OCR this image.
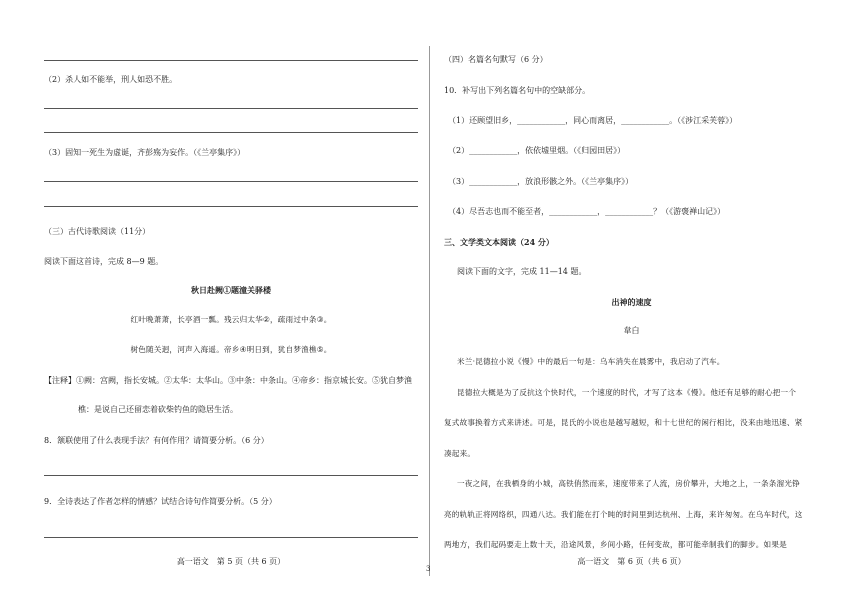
（2）杀人如不能举，刑人如恐不胜。
（3）固知一死生为虚诞，齐彭殇为妄作。（《兰亭集序》）
（三）古代诗歌阅读（11分）
阅读下面这首诗，完成 8—9 题。
秋日赴阙①题潼关驿楼
红叶晚萧萧，长亭酒一瓢。残云归太华②，疏雨过中条③。
树色随关迥，河声入海遥。帝乡④明日到，犹自梦渔樵⑤。
【注释】①阙：宫阙，指长安城。②太华：太华山。③中条：中条山。④帝乡：指京城长安。⑤犹自梦渔
樵：是说自己还留恋着砍柴钓鱼的隐居生活。
8．颔联使用了什么表现手法？有何作用？请简要分析。（6 分）
9．全诗表达了作者怎样的情感？试结合诗句作简要分析。（5 分）
高一语文　第 5 页（共 6 页）
（四）名篇名句默写（6 分）
10．补写出下列名篇名句中的空缺部分。
（1）还顾望旧乡，____________，同心而离居，____________。（《涉江采芙蓉》）
（2）____________，依依墟里烟。（《归园田居》）
（3）____________，放浪形骸之外。（《兰亭集序》）
（4）尽吾志也而不能至者，____________，____________？（《游褒禅山记》）
三、文学类文本阅读（24 分）
阅读下面的文字，完成 11—14 题。
出神的速度
韋白
米兰·昆德拉小说《慢》中的最后一句是：乌车消失在晨雾中，我启动了汽车。
昆德拉大概是为了反抗这个快时代，一个速度的时代，才写了这本《慢》。他还有足够的耐心把一个
复式故事换着方式来讲述。可是，昆氏的小说也是越写越短，和十七世纪的闲行相比，没来由地迅速、紧
凑起来。
一夜之间，在我栖身的小城，高铁俏然而来，速度带来了人流，房价攀升，大地之上，一条条溜光铮
亮的轨轨正将网络织，四通八达。我们能在打个盹的时间里到达杭州、上海，来许匆匆。在乌车时代，这
两地方，我们起码要走上数十天，沿途风景，乡间小路，任何变故，都可能牵制我们的脚步。如果是
3
高一语文　第 6 页（共 6 页）
